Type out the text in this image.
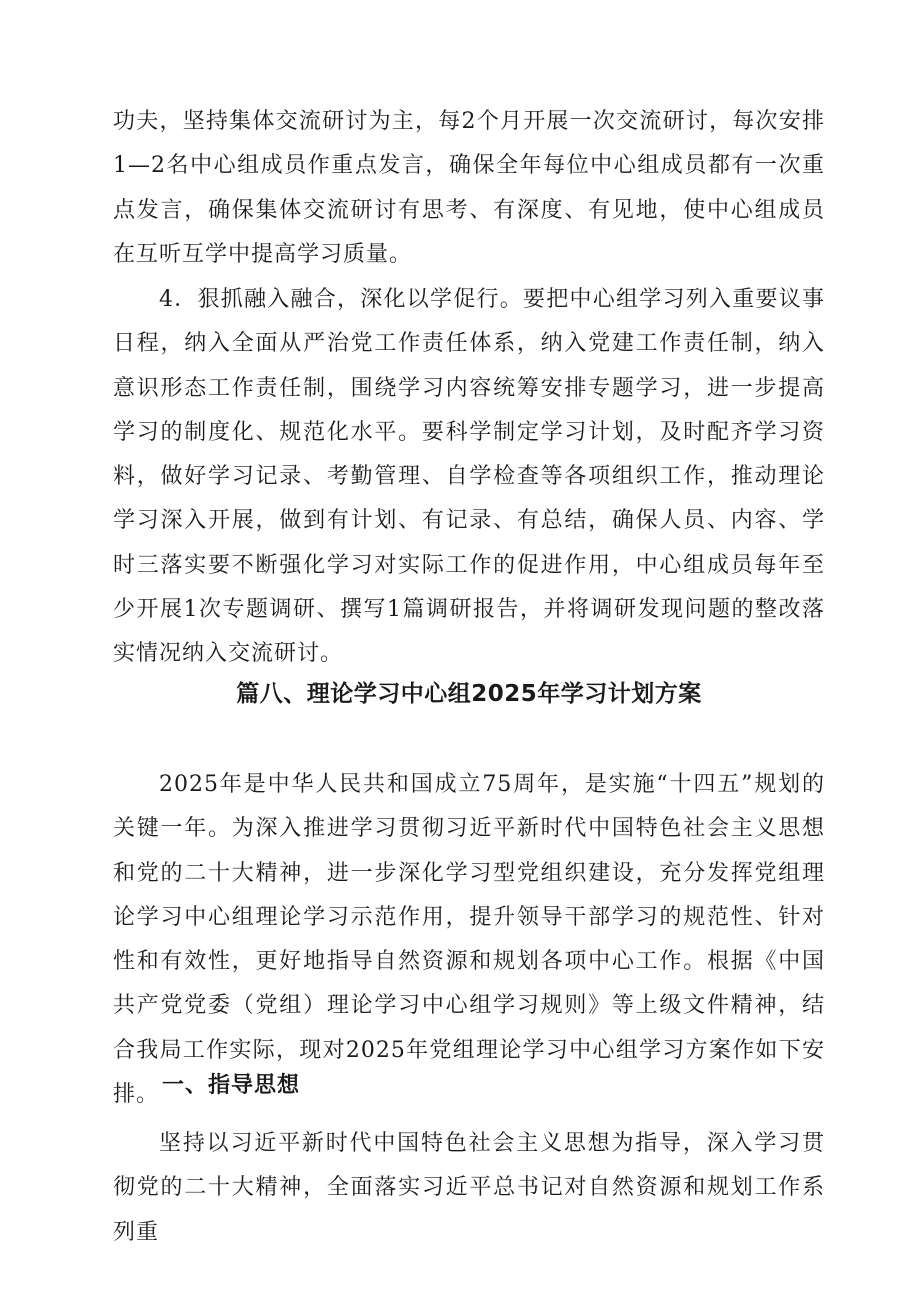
功夫，坚持集体交流研讨为主，每2个月开展一次交流研讨，每次安排1—2名中心组成员作重点发言，确保全年每位中心组成员都有一次重点发言，确保集体交流研讨有思考、有深度、有见地，使中心组成员在互听互学中提高学习质量。

4．狠抓融入融合，深化以学促行。要把中心组学习列入重要议事日程，纳入全面从严治党工作责任体系，纳入党建工作责任制，纳入意识形态工作责任制，围绕学习内容统筹安排专题学习，进一步提高学习的制度化、规范化水平。要科学制定学习计划，及时配齐学习资料，做好学习记录、考勤管理、自学检查等各项组织工作，推动理论学习深入开展，做到有计划、有记录、有总结，确保人员、内容、学时三落实要不断强化学习对实际工作的促进作用，中心组成员每年至少开展1次专题调研、撰写1篇调研报告，并将调研发现问题的整改落实情况纳入交流研讨。

篇八、理论学习中心组2025年学习计划方案

2025年是中华人民共和国成立75周年，是实施“十四五”规划的关键一年。为深入推进学习贯彻习近平新时代中国特色社会主义思想和党的二十大精神，进一步深化学习型党组织建设，充分发挥党组理论学习中心组理论学习示范作用，提升领导干部学习的规范性、针对性和有效性，更好地指导自然资源和规划各项中心工作。根据《中国共产党党委（党组）理论学习中心组学习规则》等上级文件精神，结合我局工作实际，现对2025年党组理论学习中心组学习方案作如下安排。 一、指导思想

坚持以习近平新时代中国特色社会主义思想为指导，深入学习贯彻党的二十大精神，全面落实习近平总书记对自然资源和规划工作系列重
